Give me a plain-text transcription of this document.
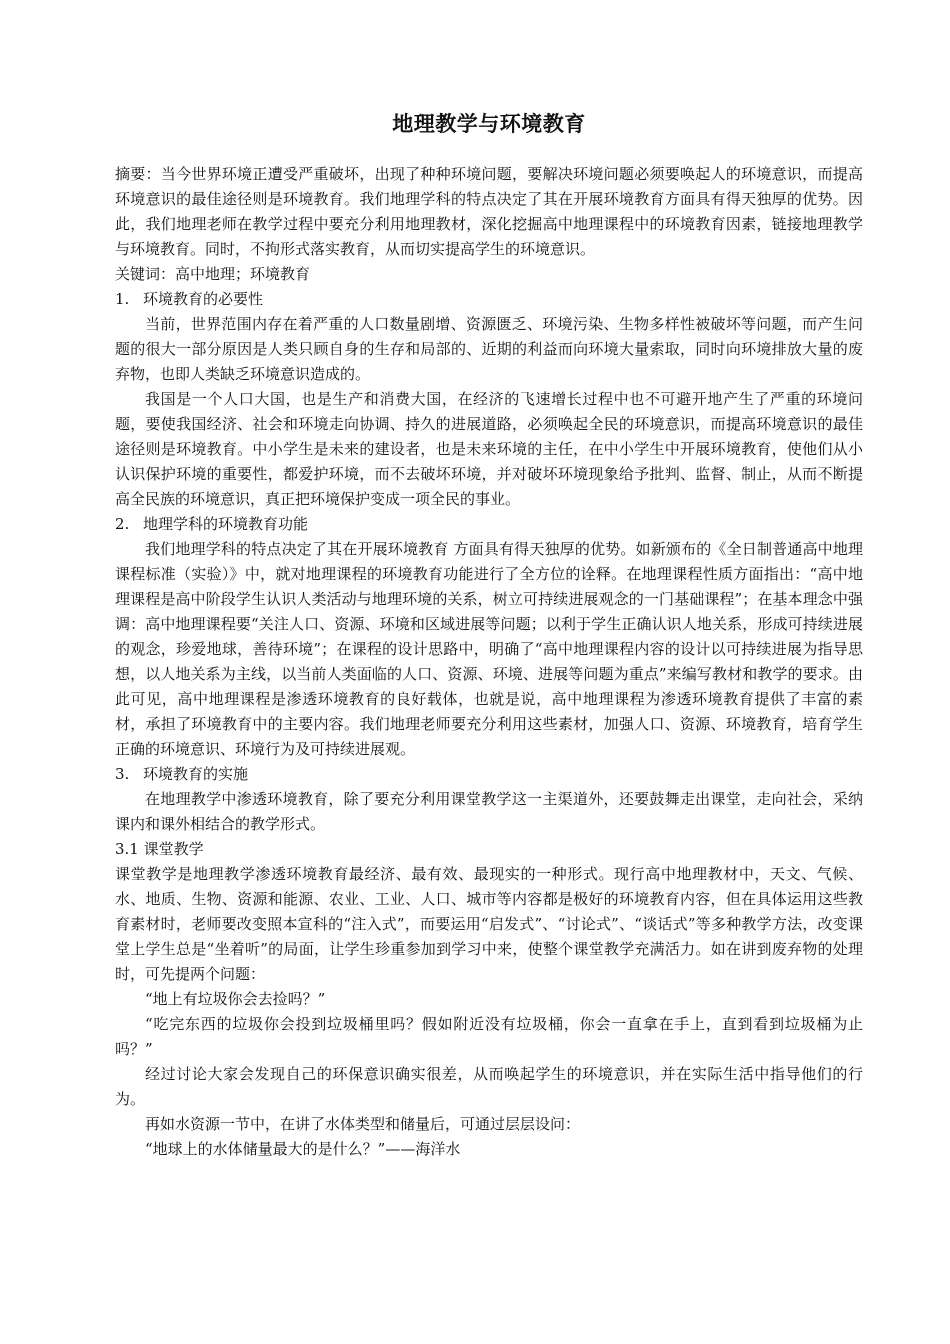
地理教学与环境教育

摘要：当今世界环境正遭受严重破坏，出现了种种环境问题，要解决环境问题必须要唤起人的环境意识，而提高环境意识的最佳途径则是环境教育。我们地理学科的特点决定了其在开展环境教育方面具有得天独厚的优势。因此，我们地理老师在教学过程中要充分利用地理教材，深化挖掘高中地理课程中的环境教育因素，链接地理教学与环境教育。同时，不拘形式落实教育，从而切实提高学生的环境意识。

关键词：高中地理；环境教育

1. 环境教育的必要性

当前，世界范围内存在着严重的人口数量剧增、资源匮乏、环境污染、生物多样性被破坏等问题，而产生问题的很大一部分原因是人类只顾自身的生存和局部的、近期的利益而向环境大量索取，同时向环境排放大量的废弃物，也即人类缺乏环境意识造成的。

我国是一个人口大国，也是生产和消费大国，在经济的飞速增长过程中也不可避开地产生了严重的环境问题，要使我国经济、社会和环境走向协调、持久的进展道路，必须唤起全民的环境意识，而提高环境意识的最佳途径则是环境教育。中小学生是未来的建设者，也是未来环境的主任，在中小学生中开展环境教育，使他们从小认识保护环境的重要性，都爱护环境，而不去破坏环境，并对破坏环境现象给予批判、监督、制止，从而不断提高全民族的环境意识，真正把环境保护变成一项全民的事业。

2. 地理学科的环境教育功能

我们地理学科的特点决定了其在开展环境教育 方面具有得天独厚的优势。如新颁布的《全日制普通高中地理课程标准（实验）》中，就对地理课程的环境教育功能进行了全方位的诠释。在地理课程性质方面指出：“高中地理课程是高中阶段学生认识人类活动与地理环境的关系，树立可持续进展观念的一门基础课程”；在基本理念中强调：高中地理课程要“关注人口、资源、环境和区域进展等问题；以利于学生正确认识人地关系，形成可持续进展的观念，珍爱地球，善待环境”；在课程的设计思路中，明确了“高中地理课程内容的设计以可持续进展为指导思想，以人地关系为主线，以当前人类面临的人口、资源、环境、进展等问题为重点”来编写教材和教学的要求。由此可见，高中地理课程是渗透环境教育的良好载体，也就是说，高中地理课程为渗透环境教育提供了丰富的素材，承担了环境教育中的主要内容。我们地理老师要充分利用这些素材，加强人口、资源、环境教育，培育学生正确的环境意识、环境行为及可持续进展观。

3. 环境教育的实施

在地理教学中渗透环境教育，除了要充分利用课堂教学这一主渠道外，还要鼓舞走出课堂，走向社会，采纳课内和课外相结合的教学形式。

3.1 课堂教学

课堂教学是地理教学渗透环境教育最经济、最有效、最现实的一种形式。现行高中地理教材中，天文、气候、水、地质、生物、资源和能源、农业、工业、人口、城市等内容都是极好的环境教育内容，但在具体运用这些教育素材时，老师要改变照本宣科的“注入式”，而要运用“启发式”、“讨论式”、“谈话式”等多种教学方法，改变课堂上学生总是“坐着听”的局面，让学生珍重参加到学习中来，使整个课堂教学充满活力。如在讲到废弃物的处理时，可先提两个问题：

“地上有垃圾你会去捡吗？”

“吃完东西的垃圾你会投到垃圾桶里吗？假如附近没有垃圾桶，你会一直拿在手上，直到看到垃圾桶为止吗？”

经过讨论大家会发现自己的环保意识确实很差，从而唤起学生的环境意识，并在实际生活中指导他们的行为。

再如水资源一节中，在讲了水体类型和储量后，可通过层层设问：

“地球上的水体储量最大的是什么？”——海洋水
